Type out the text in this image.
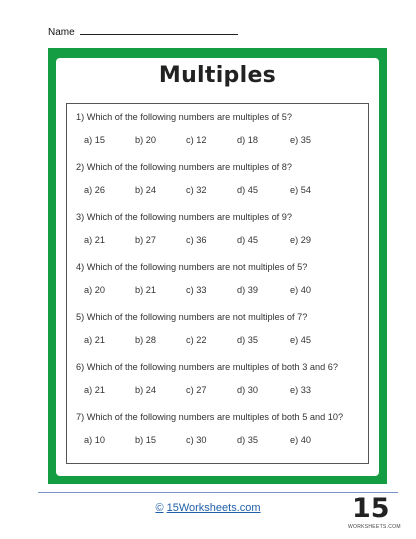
Name
Multiples
1) Which of the following numbers are multiples of 5?
a) 15	b) 20	c) 12	d) 18	e) 35
2) Which of the following numbers are multiples of 8?
a) 26	b) 24	c) 32	d) 45	e) 54
3) Which of the following numbers are multiples of 9?
a) 21	b) 27	c) 36	d) 45	e) 29
4) Which of the following numbers are not multiples of 5?
a) 20	b) 21	c) 33	d) 39	e) 40
5) Which of the following numbers are not multiples of 7?
a) 21	b) 28	c) 22	d) 35	e) 45
6) Which of the following numbers are multiples of both 3 and 6?
a) 21	b) 24	c) 27	d) 30	e) 33
7) Which of the following numbers are multiples of both 5 and 10?
a) 10	b) 15	c) 30	d) 35	e) 40
© 15Worksheets.com	15
WORKSHEETS.COM
